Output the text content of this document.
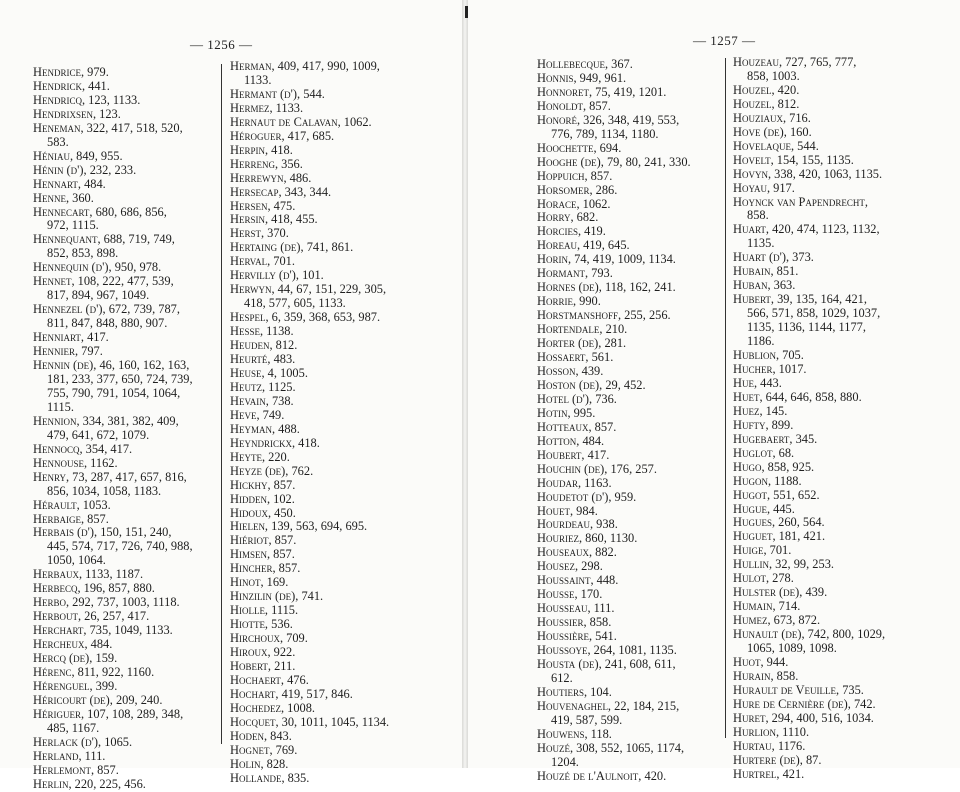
— 1256 —
Hendrice, 979.
Hendrick, 441.
Hendricq, 123, 1133.
Hendrixsen, 123.
Heneman, 322, 417, 518, 520,
583.
Héniau, 849, 955.
Hénin (d'), 232, 233.
Hennart, 484.
Henne, 360.
Hennecart, 680, 686, 856,
972, 1115.
Hennequant, 688, 719, 749,
852, 853, 898.
Hennequin (d'), 950, 978.
Hennet, 108, 222, 477, 539,
817, 894, 967, 1049.
Hennezel (d'), 672, 739, 787,
811, 847, 848, 880, 907.
Henniart, 417.
Hennier, 797.
Hennin (de), 46, 160, 162, 163,
181, 233, 377, 650, 724, 739,
755, 790, 791, 1054, 1064,
1115.
Hennion, 334, 381, 382, 409,
479, 641, 672, 1079.
Hennocq, 354, 417.
Hennouse, 1162.
Henry, 73, 287, 417, 657, 816,
856, 1034, 1058, 1183.
Hérault, 1053.
Herbaige, 857.
Herbais (d'), 150, 151, 240,
445, 574, 717, 726, 740, 988,
1050, 1064.
Herbaux, 1133, 1187.
Herbecq, 196, 857, 880.
Herbo, 292, 737, 1003, 1118.
Herbout, 26, 257, 417.
Herchart, 735, 1049, 1133.
Hercheux, 484.
Hercq (de), 159.
Hérenc, 811, 922, 1160.
Hérenguel, 399.
Héricourt (de), 209, 240.
Hériguer, 107, 108, 289, 348,
485, 1167.
Herlack (d'), 1065.
Herland, 111.
Herlemont, 857.
Herlin, 220, 225, 456.
Herman, 409, 417, 990, 1009,
1133.
Hermant (d'), 544.
Hermez, 1133.
Hernaut de Calavan, 1062.
Héroguer, 417, 685.
Herpin, 418.
Herreng, 356.
Herrewyn, 486.
Hersecap, 343, 344.
Hersen, 475.
Hersin, 418, 455.
Herst, 370.
Hertaing (de), 741, 861.
Herval, 701.
Hervilly (d'), 101.
Herwyn, 44, 67, 151, 229, 305,
418, 577, 605, 1133.
Hespel, 6, 359, 368, 653, 987.
Hesse, 1138.
Heuden, 812.
Heurté, 483.
Heuse, 4, 1005.
Heutz, 1125.
Hevain, 738.
Heve, 749.
Heyman, 488.
Heyndrickx, 418.
Heyte, 220.
Heyze (de), 762.
Hickhy, 857.
Hidden, 102.
Hidoux, 450.
Hielen, 139, 563, 694, 695.
Hiériot, 857.
Himsen, 857.
Hincher, 857.
Hinot, 169.
Hinzilin (de), 741.
Hiolle, 1115.
Hiotte, 536.
Hirchoux, 709.
Hiroux, 922.
Hobert, 211.
Hochaert, 476.
Hochart, 419, 517, 846.
Hochedez, 1008.
Hocquet, 30, 1011, 1045, 1134.
Hoden, 843.
Hognet, 769.
Holin, 828.
Hollande, 835.
— 1257 —
Hollebecque, 367.
Honnis, 949, 961.
Honnoret, 75, 419, 1201.
Honoldt, 857.
Honoré, 326, 348, 419, 553,
776, 789, 1134, 1180.
Hoochette, 694.
Hooghe (de), 79, 80, 241, 330.
Hoppuich, 857.
Horsomer, 286.
Horace, 1062.
Horry, 682.
Horcies, 419.
Horeau, 419, 645.
Horin, 74, 419, 1009, 1134.
Hormant, 793.
Hornes (de), 118, 162, 241.
Horrie, 990.
Horstmanshoff, 255, 256.
Hortendale, 210.
Horter (de), 281.
Hossaert, 561.
Hosson, 439.
Hoston (de), 29, 452.
Hotel (d'), 736.
Hotin, 995.
Hotteaux, 857.
Hotton, 484.
Houbert, 417.
Houchin (de), 176, 257.
Houdar, 1163.
Houdetot (d'), 959.
Houet, 984.
Hourdeau, 938.
Houriez, 860, 1130.
Houseaux, 882.
Housez, 298.
Houssaint, 448.
Housse, 170.
Housseau, 111.
Houssier, 858.
Houssière, 541.
Houssoye, 264, 1081, 1135.
Housta (de), 241, 608, 611,
612.
Houtiers, 104.
Houvenaghel, 22, 184, 215,
419, 587, 599.
Houwens, 118.
Houzé, 308, 552, 1065, 1174,
1204.
Houzé de l'Aulnoit, 420.
Houzeau, 727, 765, 777,
858, 1003.
Houzel, 420.
Houzel, 812.
Houziaux, 716.
Hove (de), 160.
Hovelaque, 544.
Hovelt, 154, 155, 1135.
Hovyn, 338, 420, 1063, 1135.
Hoyau, 917.
Hoynck van Papendrecht,
858.
Huart, 420, 474, 1123, 1132,
1135.
Huart (d'), 373.
Hubain, 851.
Huban, 363.
Hubert, 39, 135, 164, 421,
566, 571, 858, 1029, 1037,
1135, 1136, 1144, 1177,
1186.
Hublion, 705.
Hucher, 1017.
Hue, 443.
Huet, 644, 646, 858, 880.
Huez, 145.
Hufty, 899.
Hugebaert, 345.
Huglot, 68.
Hugo, 858, 925.
Hugon, 1188.
Hugot, 551, 652.
Hugue, 445.
Hugues, 260, 564.
Huguet, 181, 421.
Huige, 701.
Hullin, 32, 99, 253.
Hulot, 278.
Hulster (de), 439.
Humain, 714.
Humez, 673, 872.
Hunault (de), 742, 800, 1029,
1065, 1089, 1098.
Huot, 944.
Hurain, 858.
Hurault de Veuille, 735.
Hure de Cernière (de), 742.
Huret, 294, 400, 516, 1034.
Hurlion, 1110.
Hurtau, 1176.
Hurtere (de), 87.
Hurtrel, 421.
